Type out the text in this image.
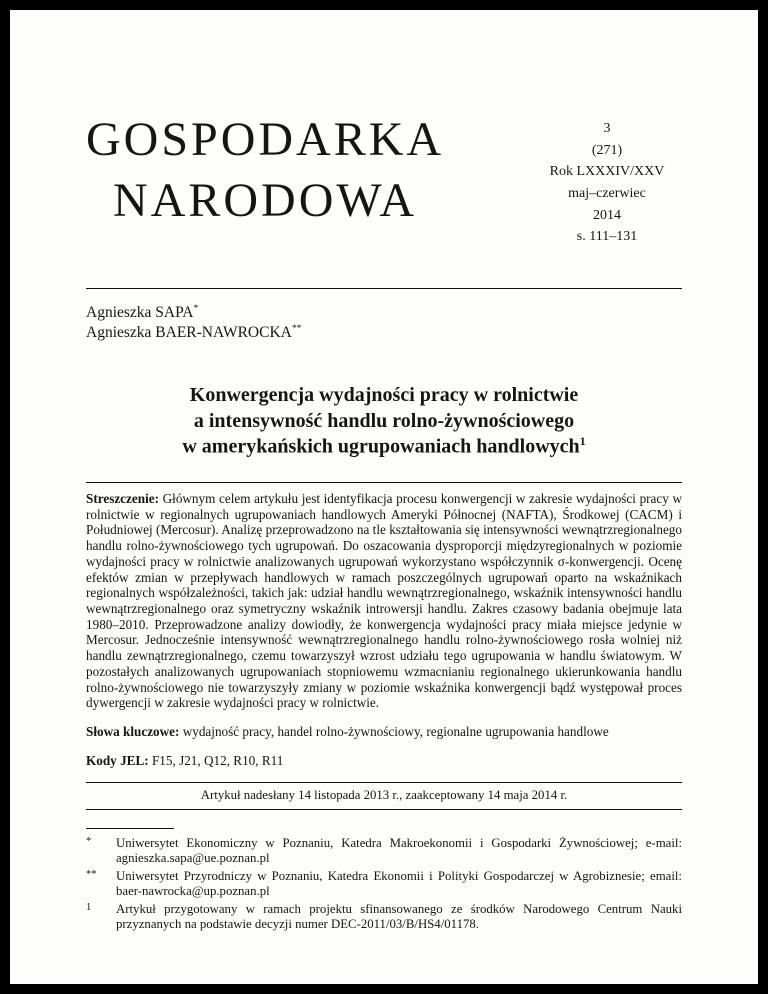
GOSPODARKA
NARODOWA
3
(271)
Rok LXXXIV/XXV
maj–czerwiec
2014
s. 111–131
Agnieszka SAPA*
Agnieszka BAER-NAWROCKA**
Konwergencja wydajności pracy w rolnictwie
a intensywność handlu rolno-żywnościowego
w amerykańskich ugrupowaniach handlowych$^1$

Streszczenie: Głównym celem artykułu jest identyfikacja procesu konwergencji w zakresie wydajności pracy w rolnictwie w regionalnych ugrupowaniach handlowych Ameryki Północnej (NAFTA), Środkowej (CACM) i Południowej (Mercosur). Analizę przeprowadzono na tle kształtowania się intensywności wewnątrzregionalnego handlu rolno-żywnościowego tych ugrupowań. Do oszacowania dysproporcji międzyregionalnych w poziomie wydajności pracy w rolnictwie analizowanych ugrupowań wykorzystano współczynnik σ-konwergencji. Ocenę efektów zmian w przepływach handlowych w ramach poszczególnych ugrupowań oparto na wskaźnikach regionalnych współzależności, takich jak: udział handlu wewnątrzregionalnego, wskaźnik intensywności handlu wewnątrzregionalnego oraz symetryczny wskaźnik introwersji handlu. Zakres czasowy badania obejmuje lata 1980–2010. Przeprowadzone analizy dowiodły, że konwergencja wydajności pracy miała miejsce jedynie w Mercosur. Jednocześnie intensywność wewnątrzregionalnego handlu rolno-żywnościowego rosła wolniej niż handlu zewnątrzregionalnego, czemu towarzyszył wzrost udziału tego ugrupowania w handlu światowym. W pozostałych analizowanych ugrupowaniach stopniowemu wzmacnianiu regionalnego ukierunkowania handlu rolno-żywnościowego nie towarzyszyły zmiany w poziomie wskaźnika konwergencji bądź występował proces dywergencji w zakresie wydajności pracy w rolnictwie.

Słowa kluczowe: wydajność pracy, handel rolno-żywnościowy, regionalne ugrupowania handlowe

Kody JEL: F15, J21, Q12, R10, R11

Artykuł nadesłany 14 listopada 2013 r., zaakceptowany 14 maja 2014 r.
*	Uniwersytet Ekonomiczny w Poznaniu, Katedra Makroekonomii i Gospodarki Żywnościowej; e-mail: agnieszka.sapa@ue.poznan.pl
**	Uniwersytet Przyrodniczy w Poznaniu, Katedra Ekonomii i Polityki Gospodarczej w Agrobiznesie; email: baer-nawrocka@up.poznan.pl
1	Artykuł przygotowany w ramach projektu sfinansowanego ze środków Narodowego Centrum Nauki przyznanych na podstawie decyzji numer DEC-2011/03/B/HS4/01178.
